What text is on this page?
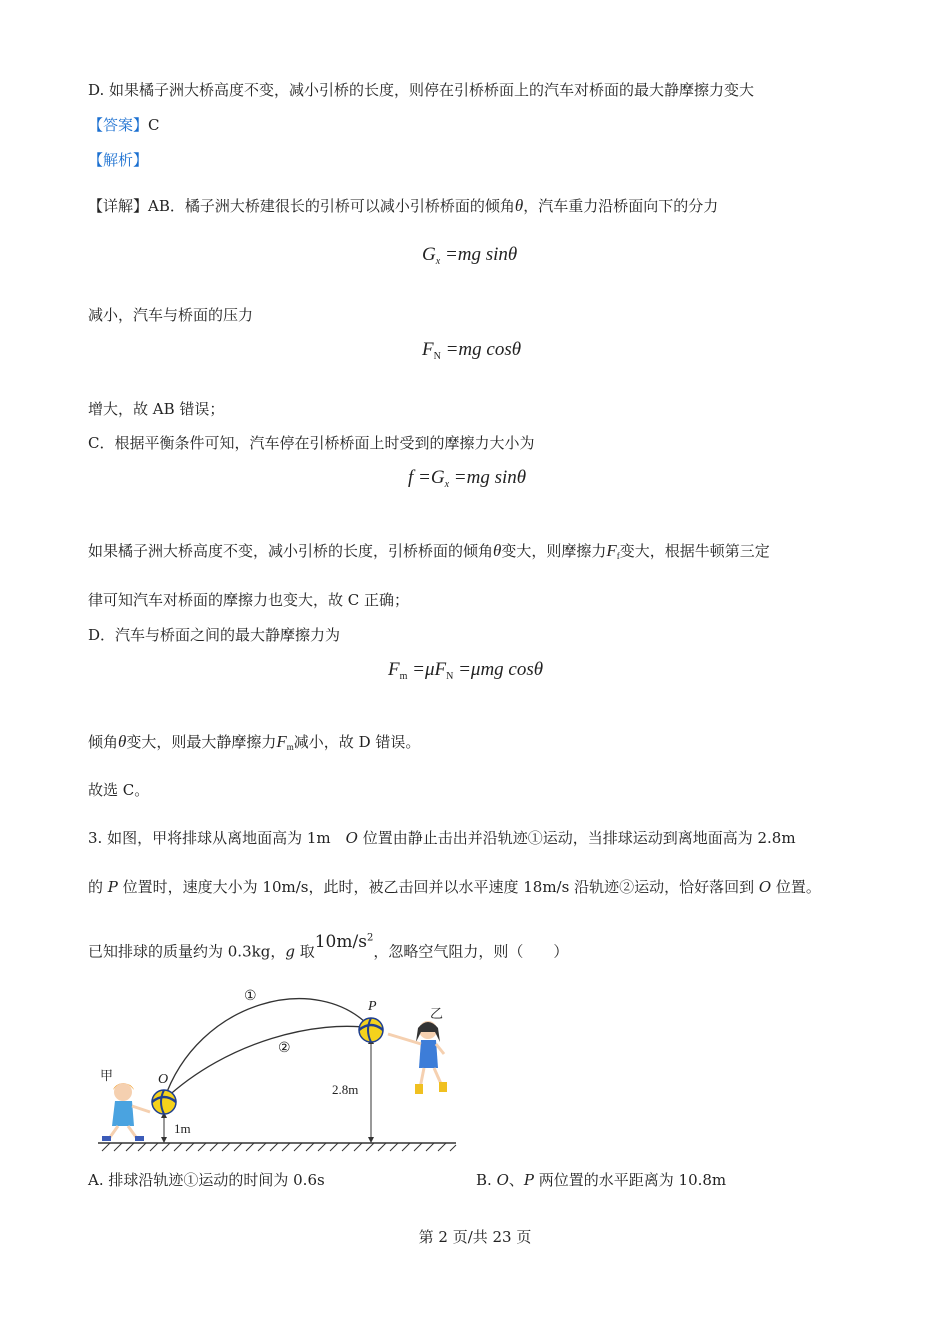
D. 如果橘子洲大桥高度不变，减小引桥的长度，则停在引桥桥面上的汽车对桥面的最大静摩擦力变大
【答案】C
【解析】
【详解】AB．橘子洲大桥建很长的引桥可以减小引桥桥面的倾角θ，汽车重力沿桥面向下的分力
$G_x =mg$ sinθ
减小，汽车与桥面的压力
$F_N =mg$ cosθ
增大，故 AB 错误；
C．根据平衡条件可知，汽车停在引桥桥面上时受到的摩擦力大小为
$f =G_x =mg$ sinθ
如果橘子洲大桥高度不变，减小引桥的长度，引桥桥面的倾角θ变大，则摩擦力Ff变大，根据牛顿第三定
律可知汽车对桥面的摩擦力也变大，故 C 正确；
D．汽车与桥面之间的最大静摩擦力为
$F_m =\mu F_N =\mu mg$ cosθ
倾角θ变大，则最大静摩擦力Fm减小，故 D 错误。
故选 C。
3. 如图，甲将排球从离地面高为 1m　O 位置由静止击出并沿轨迹①运动，当排球运动到离地面高为 2.8m
的 P 位置时，速度大小为 10m/s，此时，被乙击回并以水平速度 18m/s 沿轨迹②运动，恰好落回到 O 位置。
已知排球的质量约为 0.3kg，g 取$10m/s^2$，忽略空气阻力，则（　　）
甲
乙
O
P
①
②
1m
2.8m
A. 排球沿轨迹①运动的时间为 0.6s	B. O、P 两位置的水平距离为 10.8m
第 2 页/共 23 页
